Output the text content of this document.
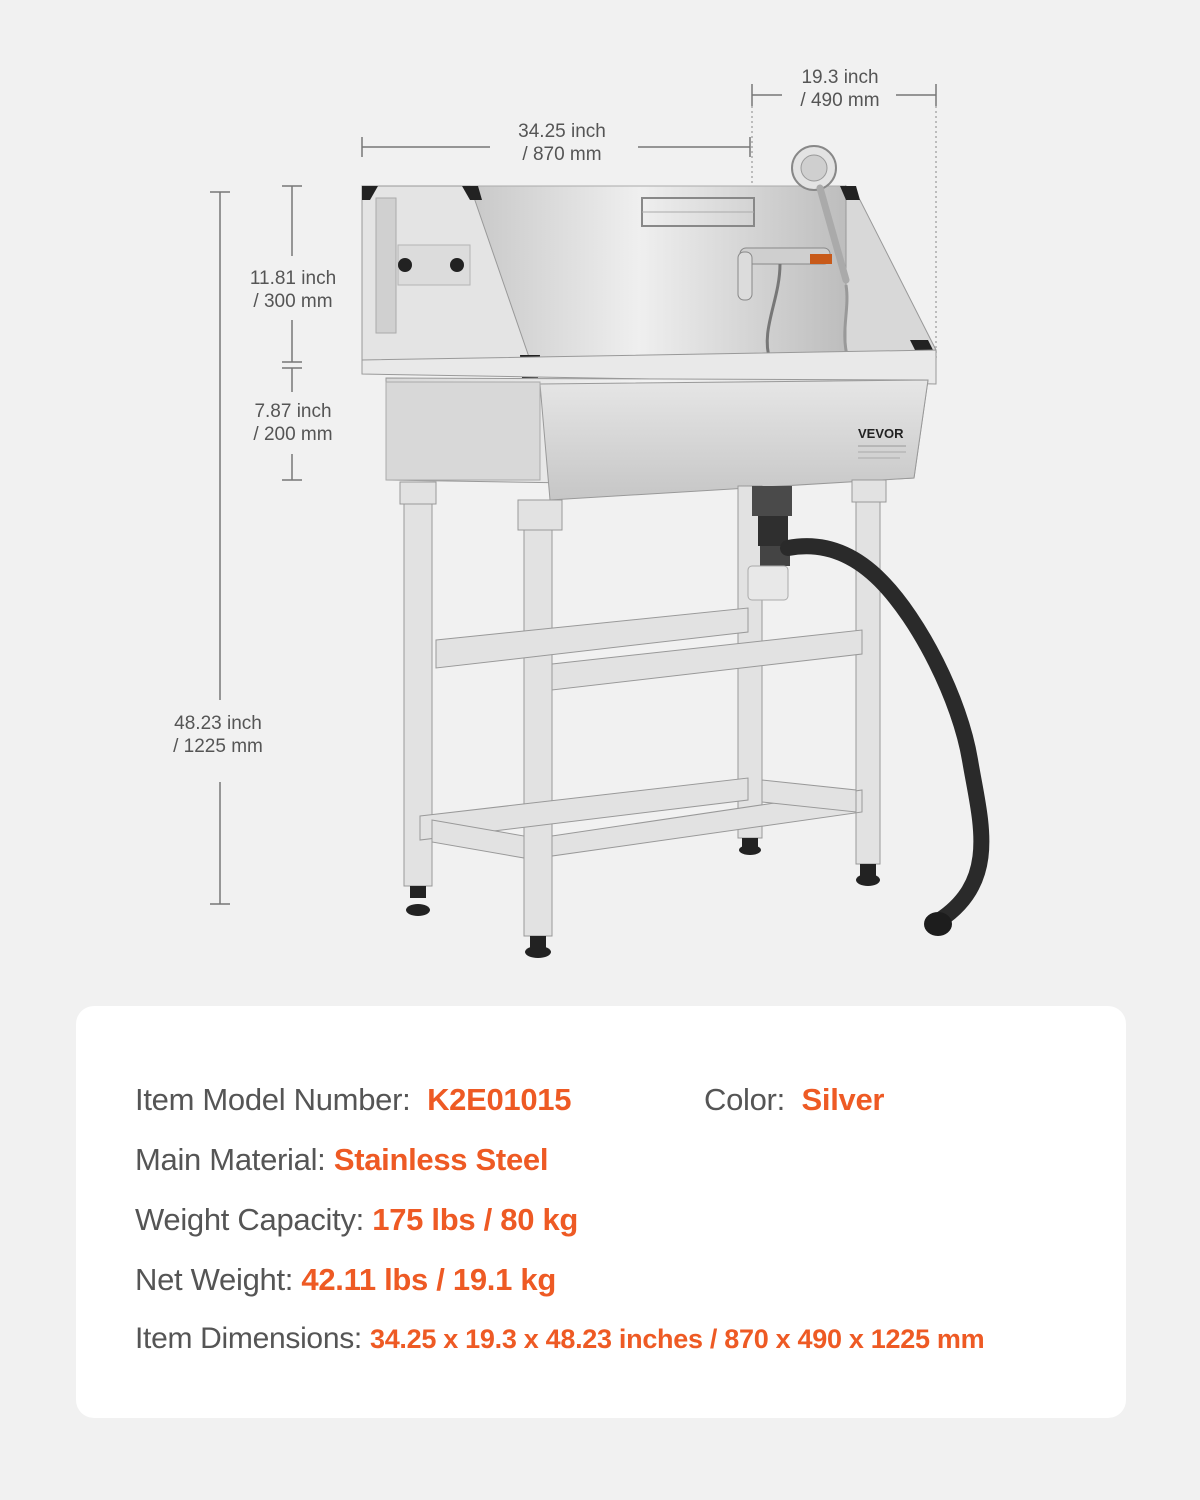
19.3 inch
/ 490 mm
34.25 inch
/ 870 mm
11.81 inch
/ 300 mm
7.87 inch
/ 200 mm
48.23 inch
/ 1225 mm
VEVOR
Item Model Number: K2E01015	Color: Silver
Main Material: Stainless Steel
Weight Capacity: 175 lbs / 80 kg
Net Weight: 42.11 lbs / 19.1 kg
Item Dimensions: 34.25 x 19.3 x 48.23 inches / 870 x 490 x 1225 mm
